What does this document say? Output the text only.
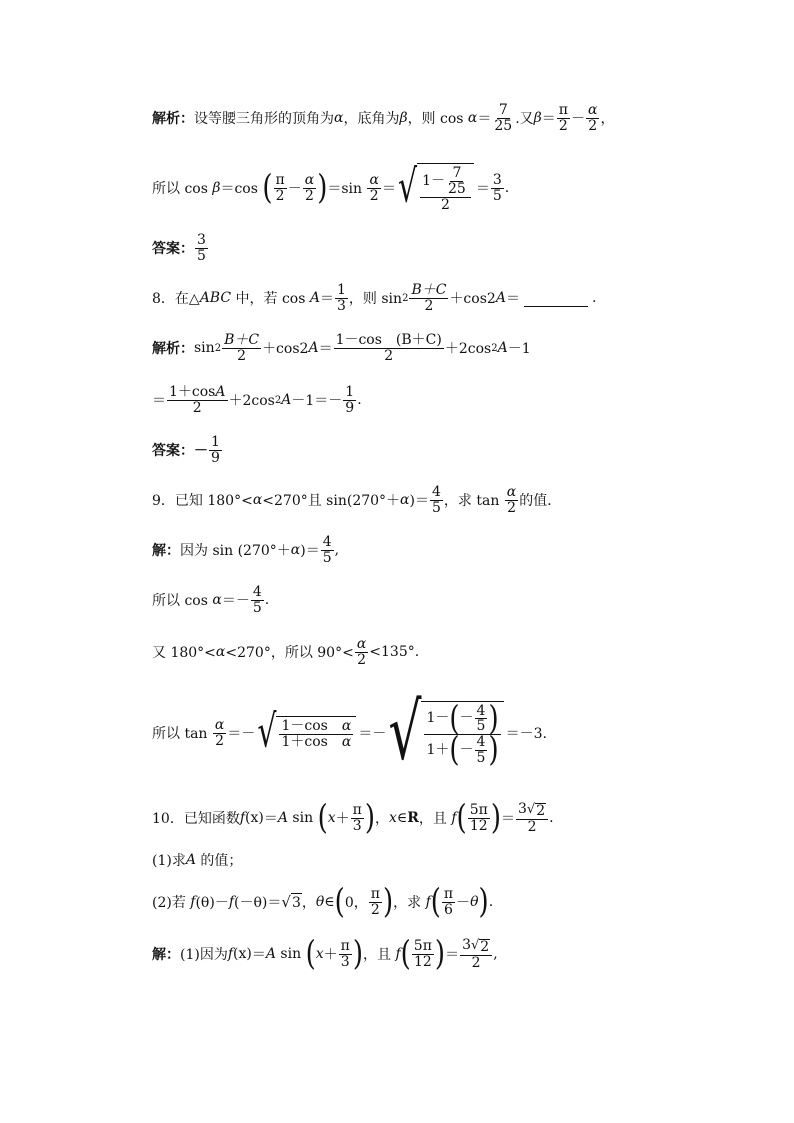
解析： 设等腰三角形的顶角为 α ，底角为 β ，则 $\cos \alpha = \frac{7}{25}$ .又 $\beta = \frac{\pi}{2} - \frac{\alpha}{2}$ ，
所以 cos β ＝cos ( $\frac{\pi}{2} - \frac{\alpha}{2}$ ) $=\sin \frac{\alpha}{2}$ ＝ √ $\frac{1- \frac{7}{25}}{2} = \frac{3}{5}$ .
答案： $\frac{3}{5}$
8．在△ ABC 中，若 $\cos A = \frac{1}{3}$ ，则 $\sin 2 \frac{B+C}{2} +\cos 2$ A ＝	.
解析： $\sin 2 \frac{B+C}{2} +\cos 2$ $A = \frac{1-\cos (B+C)}{2} +2\cos$ 2 A －1
＝ $\frac{1+\cos A}{2} +2\cos$ 2 $A -1=- \frac{1}{9}$ .
答案：－ $\frac{1}{9}$
9．已知 180°< α <270°且 sin(270°＋ α )＝ $\frac{4}{5}$ ，求 $\tan \frac{\alpha}{2}$ 的值．
解： 因为 sin (270°＋ α )＝ $\frac{4}{5}$ ,
所以 $\cos \alpha =- \frac{4}{5}$ .
又 180°< α <270°，所以 $90^\circ< \frac{\alpha}{2} <135^\circ$.
所以 $\tan \frac{\alpha}{2}$ ＝－ √ $\frac{\text{1－cos　α}}{\text{1＋cos　α}}$ ＝－ √ $\frac{1- ( - \frac{4}{5} )}{1+ ( - \frac{4}{5} )} =-3$.
10．已知函数 f (x) ＝ A sin ( $x + \frac{\pi}{3}$ ) ， x ∈ R ，且 f ( $\frac{5\pi}{12}$ ) ＝ $\frac{3 √ 2}{2}$ .
(1)求 A 的值；
(2)若 f (θ)－ f (－θ)＝ √ 3 ， θ ∈ ( 0， $\frac{\pi}{2}$ ) ，求 f ( $\frac{\pi}{6} - \theta$ ) .
解： (1)因为 f (x) ＝ A sin ( $x + \frac{\pi}{3}$ ) ，且 f ( $\frac{5\pi}{12}$ ) ＝ $\frac{3 √ 2}{2}$ ,
